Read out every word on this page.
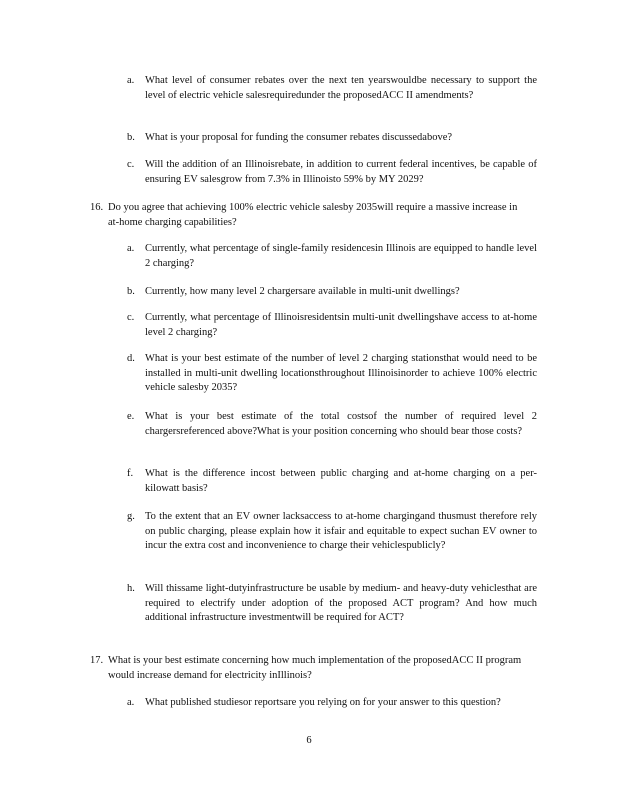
a. What level of consumer rebates over the next ten yearswouldbe necessary to support the level of electric vehicle salesrequiredunder the proposedACC II amendments?
b. What is your proposal for funding the consumer rebates discussedabove?
c. Will the addition of an Illinoisrebate, in addition to current federal incentives, be capable of ensuring EV salesgrow from 7.3% in Illinoisto 59% by MY 2029?
16. Do you agree that achieving 100% electric vehicle salesby 2035will require a massive increase in at-home charging capabilities?
a. Currently, what percentage of single-family residencesin Illinois are equipped to handle level 2 charging?
b. Currently, how many level 2 chargersare available in multi-unit dwellings?
c. Currently, what percentage of Illinoisresidentsin multi-unit dwellingshave access to at-home level 2 charging?
d. What is your best estimate of the number of level 2 charging stationsthat would need to be installed in multi-unit dwelling locationsthroughout Illinoisinorder to achieve 100% electric vehicle salesby 2035?
e. What is your best estimate of the total costsof the number of required level 2 chargersreferenced above?What is your position concerning who should bear those costs?
f. What is the difference incost between public charging and at-home charging on a per-kilowatt basis?
g. To the extent that an EV owner lacksaccess to at-home chargingand thusmust therefore rely on public charging, please explain how it isfair and equitable to expect suchan EV owner to incur the extra cost and inconvenience to charge their vehiclespublicly?
h. Will thissame light-dutyinfrastructure be usable by medium- and heavy-duty vehiclesthat are required to electrify under adoption of the proposed ACT program? And how much additional infrastructure investmentwill be required for ACT?
17. What is your best estimate concerning how much implementation of the proposedACC II program would increase demand for electricity inIllinois?
a. What published studiesor reportsare you relying on for your answer to this question?
6
